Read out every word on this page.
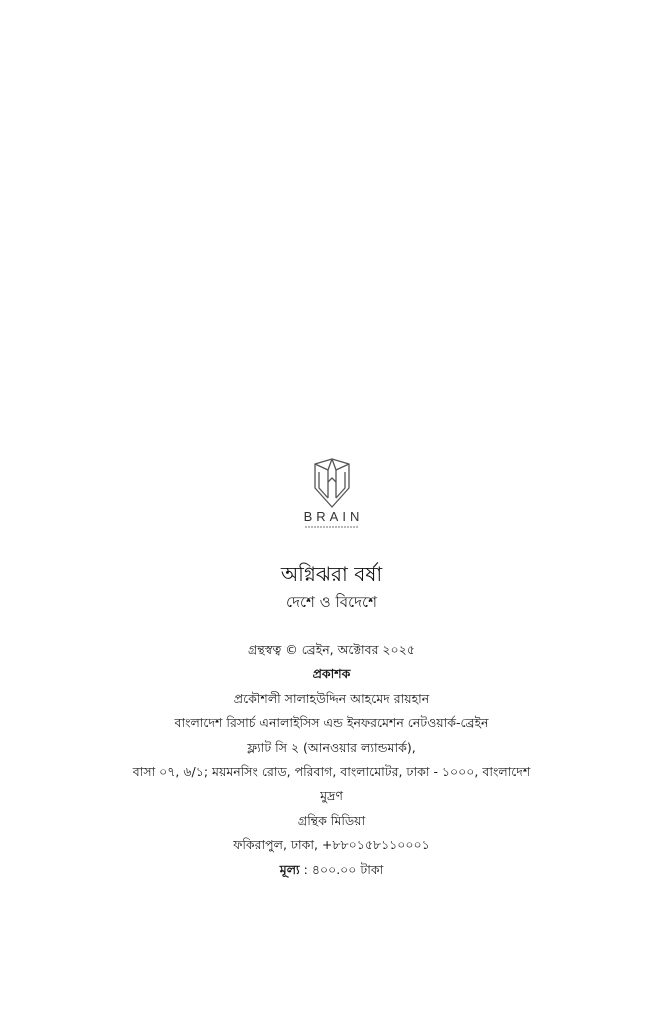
BRAIN
অগ্নিঝরা বর্ষা
দেশে ও বিদেশে
গ্রন্থস্বত্ব © ব্রেইন, অক্টোবর ২০২৫
প্রকাশক
প্রকৌশলী সালাহউদ্দিন আহমেদ রায়হান
বাংলাদেশ রিসার্চ এনালাইসিস এন্ড ইনফরমেশন নেটওয়ার্ক-ব্রেইন
ফ্ল্যাট সি ২ (আনওয়ার ল্যান্ডমার্ক),
বাসা ০৭, ৬/১; ময়মনসিং রোড, পরিবাগ, বাংলামোটর, ঢাকা - ১০০০, বাংলাদেশ
মুদ্রণ
গ্রন্থিক মিডিয়া
ফকিরাপুল, ঢাকা, +৮৮০১৫৮১১০০০১
মূল্য : ৪০০.০০ টাকা
